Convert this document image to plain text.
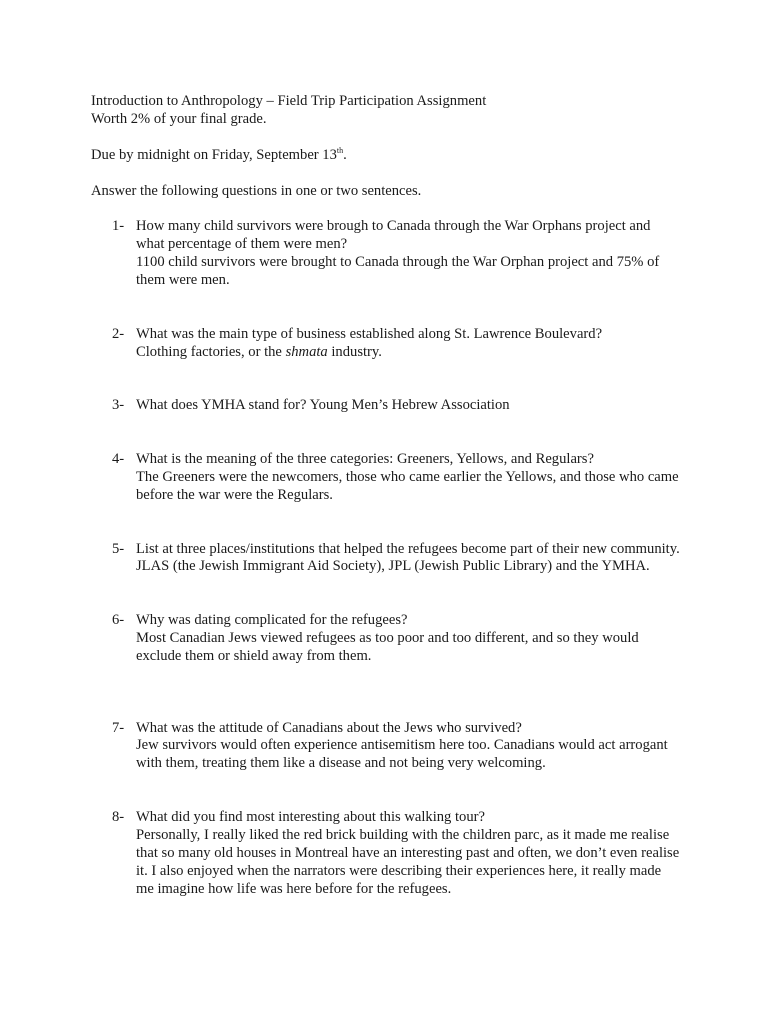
Introduction to Anthropology – Field Trip Participation Assignment
Worth 2% of your final grade.
Due by midnight on Friday, September 13th.
Answer the following questions in one or two sentences.
1- How many child survivors were brough to Canada through the War Orphans project and what percentage of them were men?
1100 child survivors were brought to Canada through the War Orphan project and 75% of them were men.
2- What was the main type of business established along St. Lawrence Boulevard?
Clothing factories, or the shmata industry.
3- What does YMHA stand for? Young Men’s Hebrew Association
4- What is the meaning of the three categories: Greeners, Yellows, and Regulars?
The Greeners were the newcomers, those who came earlier the Yellows, and those who came before the war were the Regulars.
5- List at three places/institutions that helped the refugees become part of their new community.
JLAS (the Jewish Immigrant Aid Society), JPL (Jewish Public Library) and the YMHA.
6- Why was dating complicated for the refugees?
Most Canadian Jews viewed refugees as too poor and too different, and so they would exclude them or shield away from them.
7- What was the attitude of Canadians about the Jews who survived?
Jew survivors would often experience antisemitism here too. Canadians would act arrogant with them, treating them like a disease and not being very welcoming.
8- What did you find most interesting about this walking tour?
Personally, I really liked the red brick building with the children parc, as it made me realise that so many old houses in Montreal have an interesting past and often, we don’t even realise it. I also enjoyed when the narrators were describing their experiences here, it really made me imagine how life was here before for the refugees.
